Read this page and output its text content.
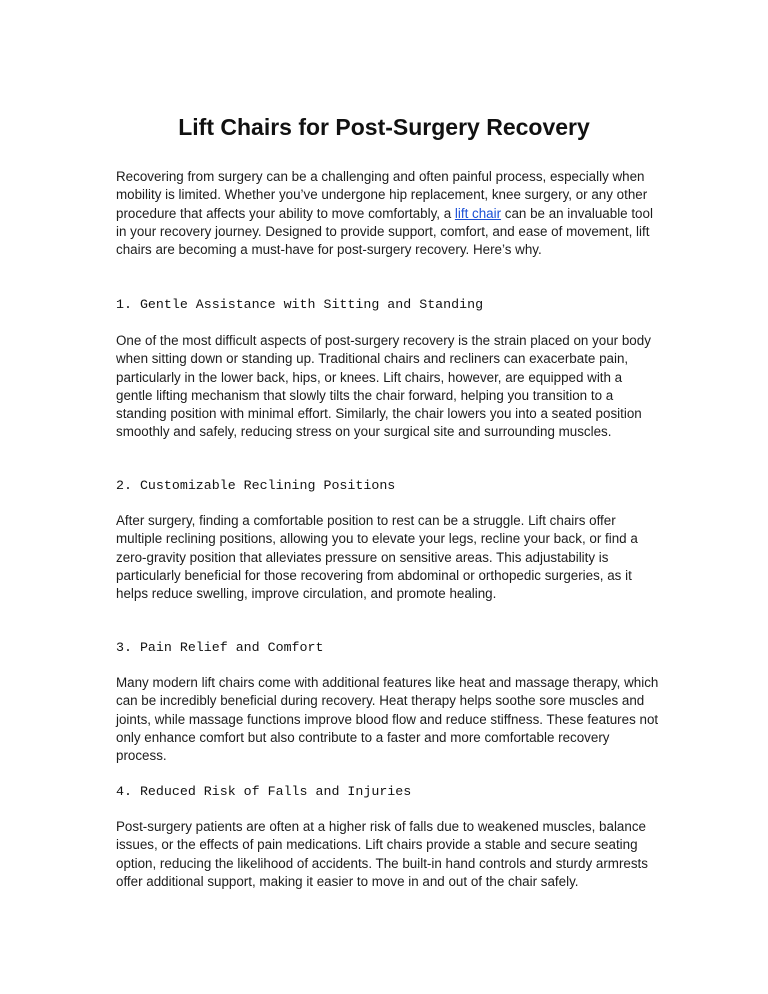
Lift Chairs for Post-Surgery Recovery

Recovering from surgery can be a challenging and often painful process, especially when mobility is limited. Whether you’ve undergone hip replacement, knee surgery, or any other procedure that affects your ability to move comfortably, a lift chair can be an invaluable tool in your recovery journey. Designed to provide support, comfort, and ease of movement, lift chairs are becoming a must-have for post-surgery recovery. Here’s why.

1. Gentle Assistance with Sitting and Standing

One of the most difficult aspects of post-surgery recovery is the strain placed on your body when sitting down or standing up. Traditional chairs and recliners can exacerbate pain, particularly in the lower back, hips, or knees. Lift chairs, however, are equipped with a gentle lifting mechanism that slowly tilts the chair forward, helping you transition to a standing position with minimal effort. Similarly, the chair lowers you into a seated position smoothly and safely, reducing stress on your surgical site and surrounding muscles.

2. Customizable Reclining Positions

After surgery, finding a comfortable position to rest can be a struggle. Lift chairs offer multiple reclining positions, allowing you to elevate your legs, recline your back, or find a zero-gravity position that alleviates pressure on sensitive areas. This adjustability is particularly beneficial for those recovering from abdominal or orthopedic surgeries, as it helps reduce swelling, improve circulation, and promote healing.

3. Pain Relief and Comfort

Many modern lift chairs come with additional features like heat and massage therapy, which can be incredibly beneficial during recovery. Heat therapy helps soothe sore muscles and joints, while massage functions improve blood flow and reduce stiffness. These features not only enhance comfort but also contribute to a faster and more comfortable recovery process.

4. Reduced Risk of Falls and Injuries

Post-surgery patients are often at a higher risk of falls due to weakened muscles, balance issues, or the effects of pain medications. Lift chairs provide a stable and secure seating option, reducing the likelihood of accidents. The built-in hand controls and sturdy armrests offer additional support, making it easier to move in and out of the chair safely.
